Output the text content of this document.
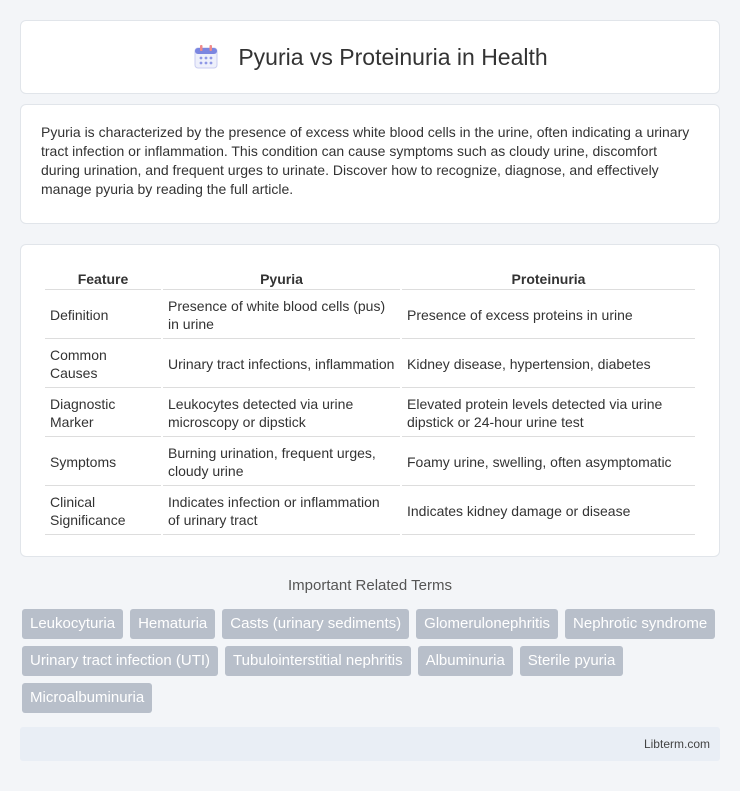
Pyuria vs Proteinuria in Health

Pyuria is characterized by the presence of excess white blood cells in the urine, often indicating a urinary tract infection or inflammation. This condition can cause symptoms such as cloudy urine, discomfort during urination, and frequent urges to urinate. Discover how to recognize, diagnose, and effectively manage pyuria by reading the full article.

Feature	Pyuria	Proteinuria
Definition	Presence of white blood cells (pus) in urine	Presence of excess proteins in urine
Common Causes	Urinary tract infections, inflammation	Kidney disease, hypertension, diabetes
Diagnostic Marker	Leukocytes detected via urine microscopy or dipstick	Elevated protein levels detected via urine dipstick or 24-hour urine test
Symptoms	Burning urination, frequent urges, cloudy urine	Foamy urine, swelling, often asymptomatic
Clinical Significance	Indicates infection or inflammation of urinary tract	Indicates kidney damage or disease
Important Related Terms
Leukocyturia	Hematuria	Casts (urinary sediments)	Glomerulonephritis	Nephrotic syndrome
Urinary tract infection (UTI)	Tubulointerstitial nephritis	Albuminuria	Sterile pyuria
Microalbuminuria
Libterm.com
